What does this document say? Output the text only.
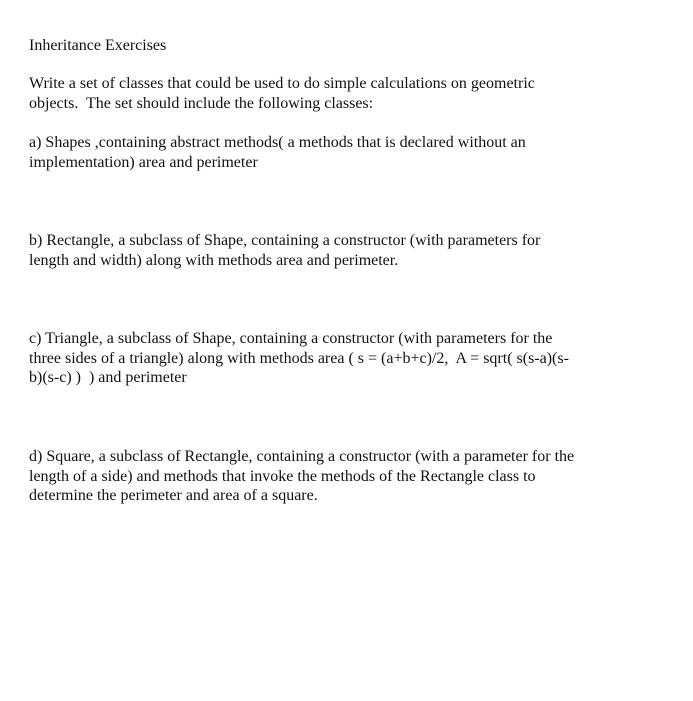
Inheritance Exercises

Write a set of classes that could be used to do simple calculations on geometric
objects.  The set should include the following classes:

a) Shapes ,containing abstract methods( a methods that is declared without an
implementation) area and perimeter

b) Rectangle, a subclass of Shape, containing a constructor (with parameters for
length and width) along with methods area and perimeter.

c) Triangle, a subclass of Shape, containing a constructor (with parameters for the
three sides of a triangle) along with methods area ( s = (a+b+c)/2,  A = sqrt( s(s-a)(s-
b)(s-c) )  ) and perimeter

d) Square, a subclass of Rectangle, containing a constructor (with a parameter for the
length of a side) and methods that invoke the methods of the Rectangle class to
determine the perimeter and area of a square.
